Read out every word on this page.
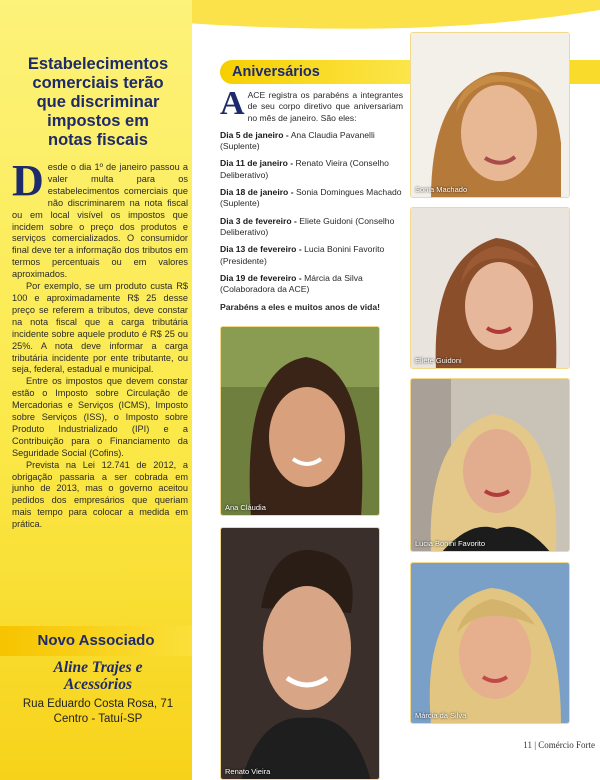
Estabelecimentos
comerciais terão
que discriminar
impostos em
notas fiscais

Desde o dia 1º de janeiro passou a valer multa para os estabelecimentos comerciais que não discriminarem na nota fiscal ou em local visível os impostos que incidem sobre o preço dos produtos e serviços comercializados. O consumidor final deve ter a informação dos tributos em termos percentuais ou em valores aproximados.

Por exemplo, se um produto custa R$ 100 e aproximadamente R$ 25 desse preço se referem a tributos, deve constar na nota fiscal que a carga tributária incidente sobre aquele produto é R$ 25 ou 25%. A nota deve informar a carga tributária incidente por ente tributante, ou seja, federal, estadual e municipal.

Entre os impostos que devem constar estão o Imposto sobre Circulação de Mercadorias e Serviços (ICMS), Imposto sobre Serviços (ISS), o Imposto sobre Produto Industrializado (IPI) e a Contribuição para o Financiamento da Seguridade Social (Cofins).

Prevista na Lei 12.741 de 2012, a obrigação passaria a ser cobrada em junho de 2013, mas o governo aceitou pedidos dos empresários que queriam mais tempo para colocar a medida em prática.

Novo Associado
Aline Trajes e
Acessórios
Rua Eduardo Costa Rosa, 71
Centro - Tatuí-SP
Aniversários

AACE registra os parabéns a integrantes de seu corpo diretivo que aniversariam no mês de janeiro. São eles:

Dia 5 de janeiro - Ana Claudia Pavanelli (Suplente)

Dia 11 de janeiro - Renato Vieira (Conselho Deliberativo)

Dia 18 de janeiro - Sonia Domingues Machado (Suplente)

Dia 3 de fevereiro - Eliete Guidoni (Conselho Deliberativo)

Dia 13 de fevereiro - Lucia Bonini Favorito (Presidente)

Dia 19 de fevereiro - Márcia da Silva (Colaboradora da ACE)

Parabéns a eles e muitos anos de vida!

Sonia Machado
Eliete Guidoni
Ana Cláudia
Lucia Bonini Favorito
Renato Vieira
Márcia da Silva
11 | Comércio Forte
